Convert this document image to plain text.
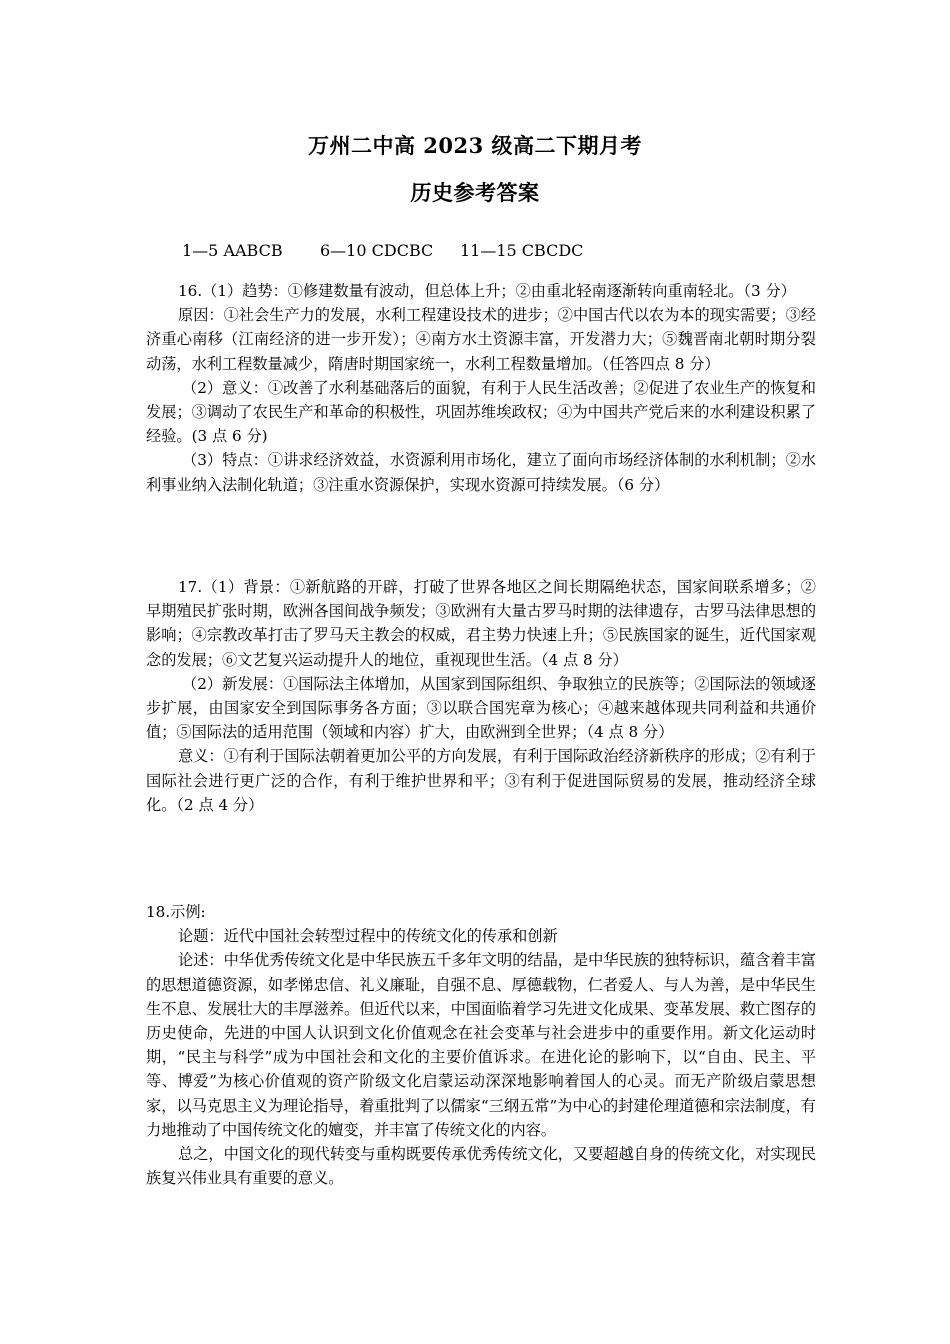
万州二中高 2023 级高二下期月考
历史参考答案
1—5 AABCB 6—10 CDCBC 11—15 CBCDC

16.（1）趋势：①修建数量有波动，但总体上升；②由重北轻南逐渐转向重南轻北。（3 分）

原因：①社会生产力的发展，水利工程建设技术的进步；②中国古代以农为本的现实需要；③经济重心南移（江南经济的进一步开发）；④南方水土资源丰富，开发潜力大；⑤魏晋南北朝时期分裂动荡，水利工程数量减少，隋唐时期国家统一，水利工程数量增加。（任答四点 8 分）

（2）意义：①改善了水利基础落后的面貌，有利于人民生活改善；②促进了农业生产的恢复和发展；③调动了农民生产和革命的积极性，巩固苏维埃政权；④为中国共产党后来的水利建设积累了经验。(3 点 6 分)

（3）特点：①讲求经济效益，水资源利用市场化，建立了面向市场经济体制的水利机制；②水利事业纳入法制化轨道；③注重水资源保护，实现水资源可持续发展。（6 分）

17.（1）背景：①新航路的开辟，打破了世界各地区之间长期隔绝状态，国家间联系增多；②早期殖民扩张时期，欧洲各国间战争频发；③欧洲有大量古罗马时期的法律遗存，古罗马法律思想的影响；④宗教改革打击了罗马天主教会的权威，君主势力快速上升；⑤民族国家的诞生，近代国家观念的发展；⑥文艺复兴运动提升人的地位，重视现世生活。（4 点 8 分）

（2）新发展：①国际法主体增加，从国家到国际组织、争取独立的民族等；②国际法的领域逐步扩展，由国家安全到国际事务各方面；③以联合国宪章为核心；④越来越体现共同利益和共通价值；⑤国际法的适用范围（领域和内容）扩大，由欧洲到全世界；（4 点 8 分）

意义：①有利于国际法朝着更加公平的方向发展，有利于国际政治经济新秩序的形成；②有利于国际社会进行更广泛的合作，有利于维护世界和平；③有利于促进国际贸易的发展，推动经济全球化。（2 点 4 分）

18.示例:

论题：近代中国社会转型过程中的传统文化的传承和创新

论述：中华优秀传统文化是中华民族五千多年文明的结晶，是中华民族的独特标识，蕴含着丰富的思想道德资源，如孝悌忠信、礼义廉耻，自强不息、厚德载物，仁者爱人、与人为善，是中华民生生不息、发展壮大的丰厚滋养。但近代以来，中国面临着学习先进文化成果、变革发展、救亡图存的历史使命，先进的中国人认识到文化价值观念在社会变革与社会进步中的重要作用。新文化运动时期，“民主与科学”成为中国社会和文化的主要价值诉求。在进化论的影响下，以“自由、民主、平等、博爱”为核心价值观的资产阶级文化启蒙运动深深地影响着国人的心灵。而无产阶级启蒙思想家，以马克思主义为理论指导，着重批判了以儒家“三纲五常”为中心的封建伦理道德和宗法制度，有力地推动了中国传统文化的嬗变，并丰富了传统文化的内容。

总之，中国文化的现代转变与重构既要传承优秀传统文化，又要超越自身的传统文化，对实现民族复兴伟业具有重要的意义。
